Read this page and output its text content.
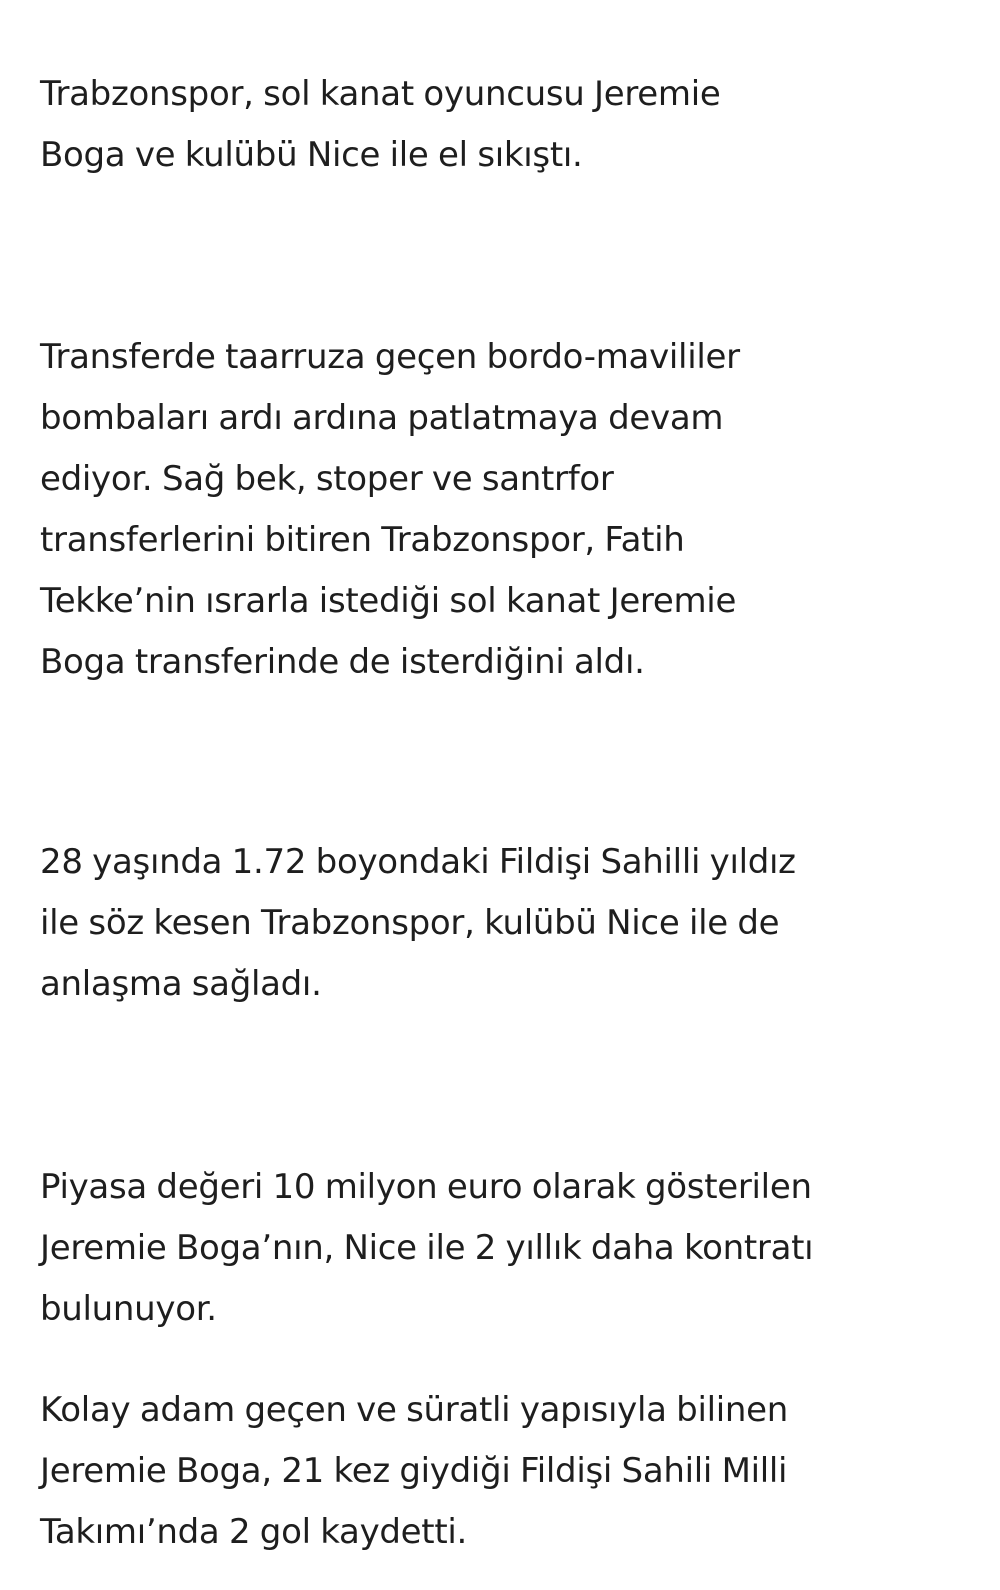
Trabzonspor, sol kanat oyuncusu Jeremie
Boga ve kulübü Nice ile el sıkıştı.

Transferde taarruza geçen bordo-mavililer
bombaları ardı ardına patlatmaya devam
ediyor. Sağ bek, stoper ve santrfor
transferlerini bitiren Trabzonspor, Fatih
Tekke’nin ısrarla istediği sol kanat Jeremie
Boga transferinde de isterdiğini aldı.

28 yaşında 1.72 boyondaki Fildişi Sahilli yıldız
ile söz kesen Trabzonspor, kulübü Nice ile de
anlaşma sağladı.

Piyasa değeri 10 milyon euro olarak gösterilen
Jeremie Boga’nın, Nice ile 2 yıllık daha kontratı
bulunuyor.

Kolay adam geçen ve süratli yapısıyla bilinen
Jeremie Boga, 21 kez giydiği Fildişi Sahili Milli
Takımı’nda 2 gol kaydetti.
